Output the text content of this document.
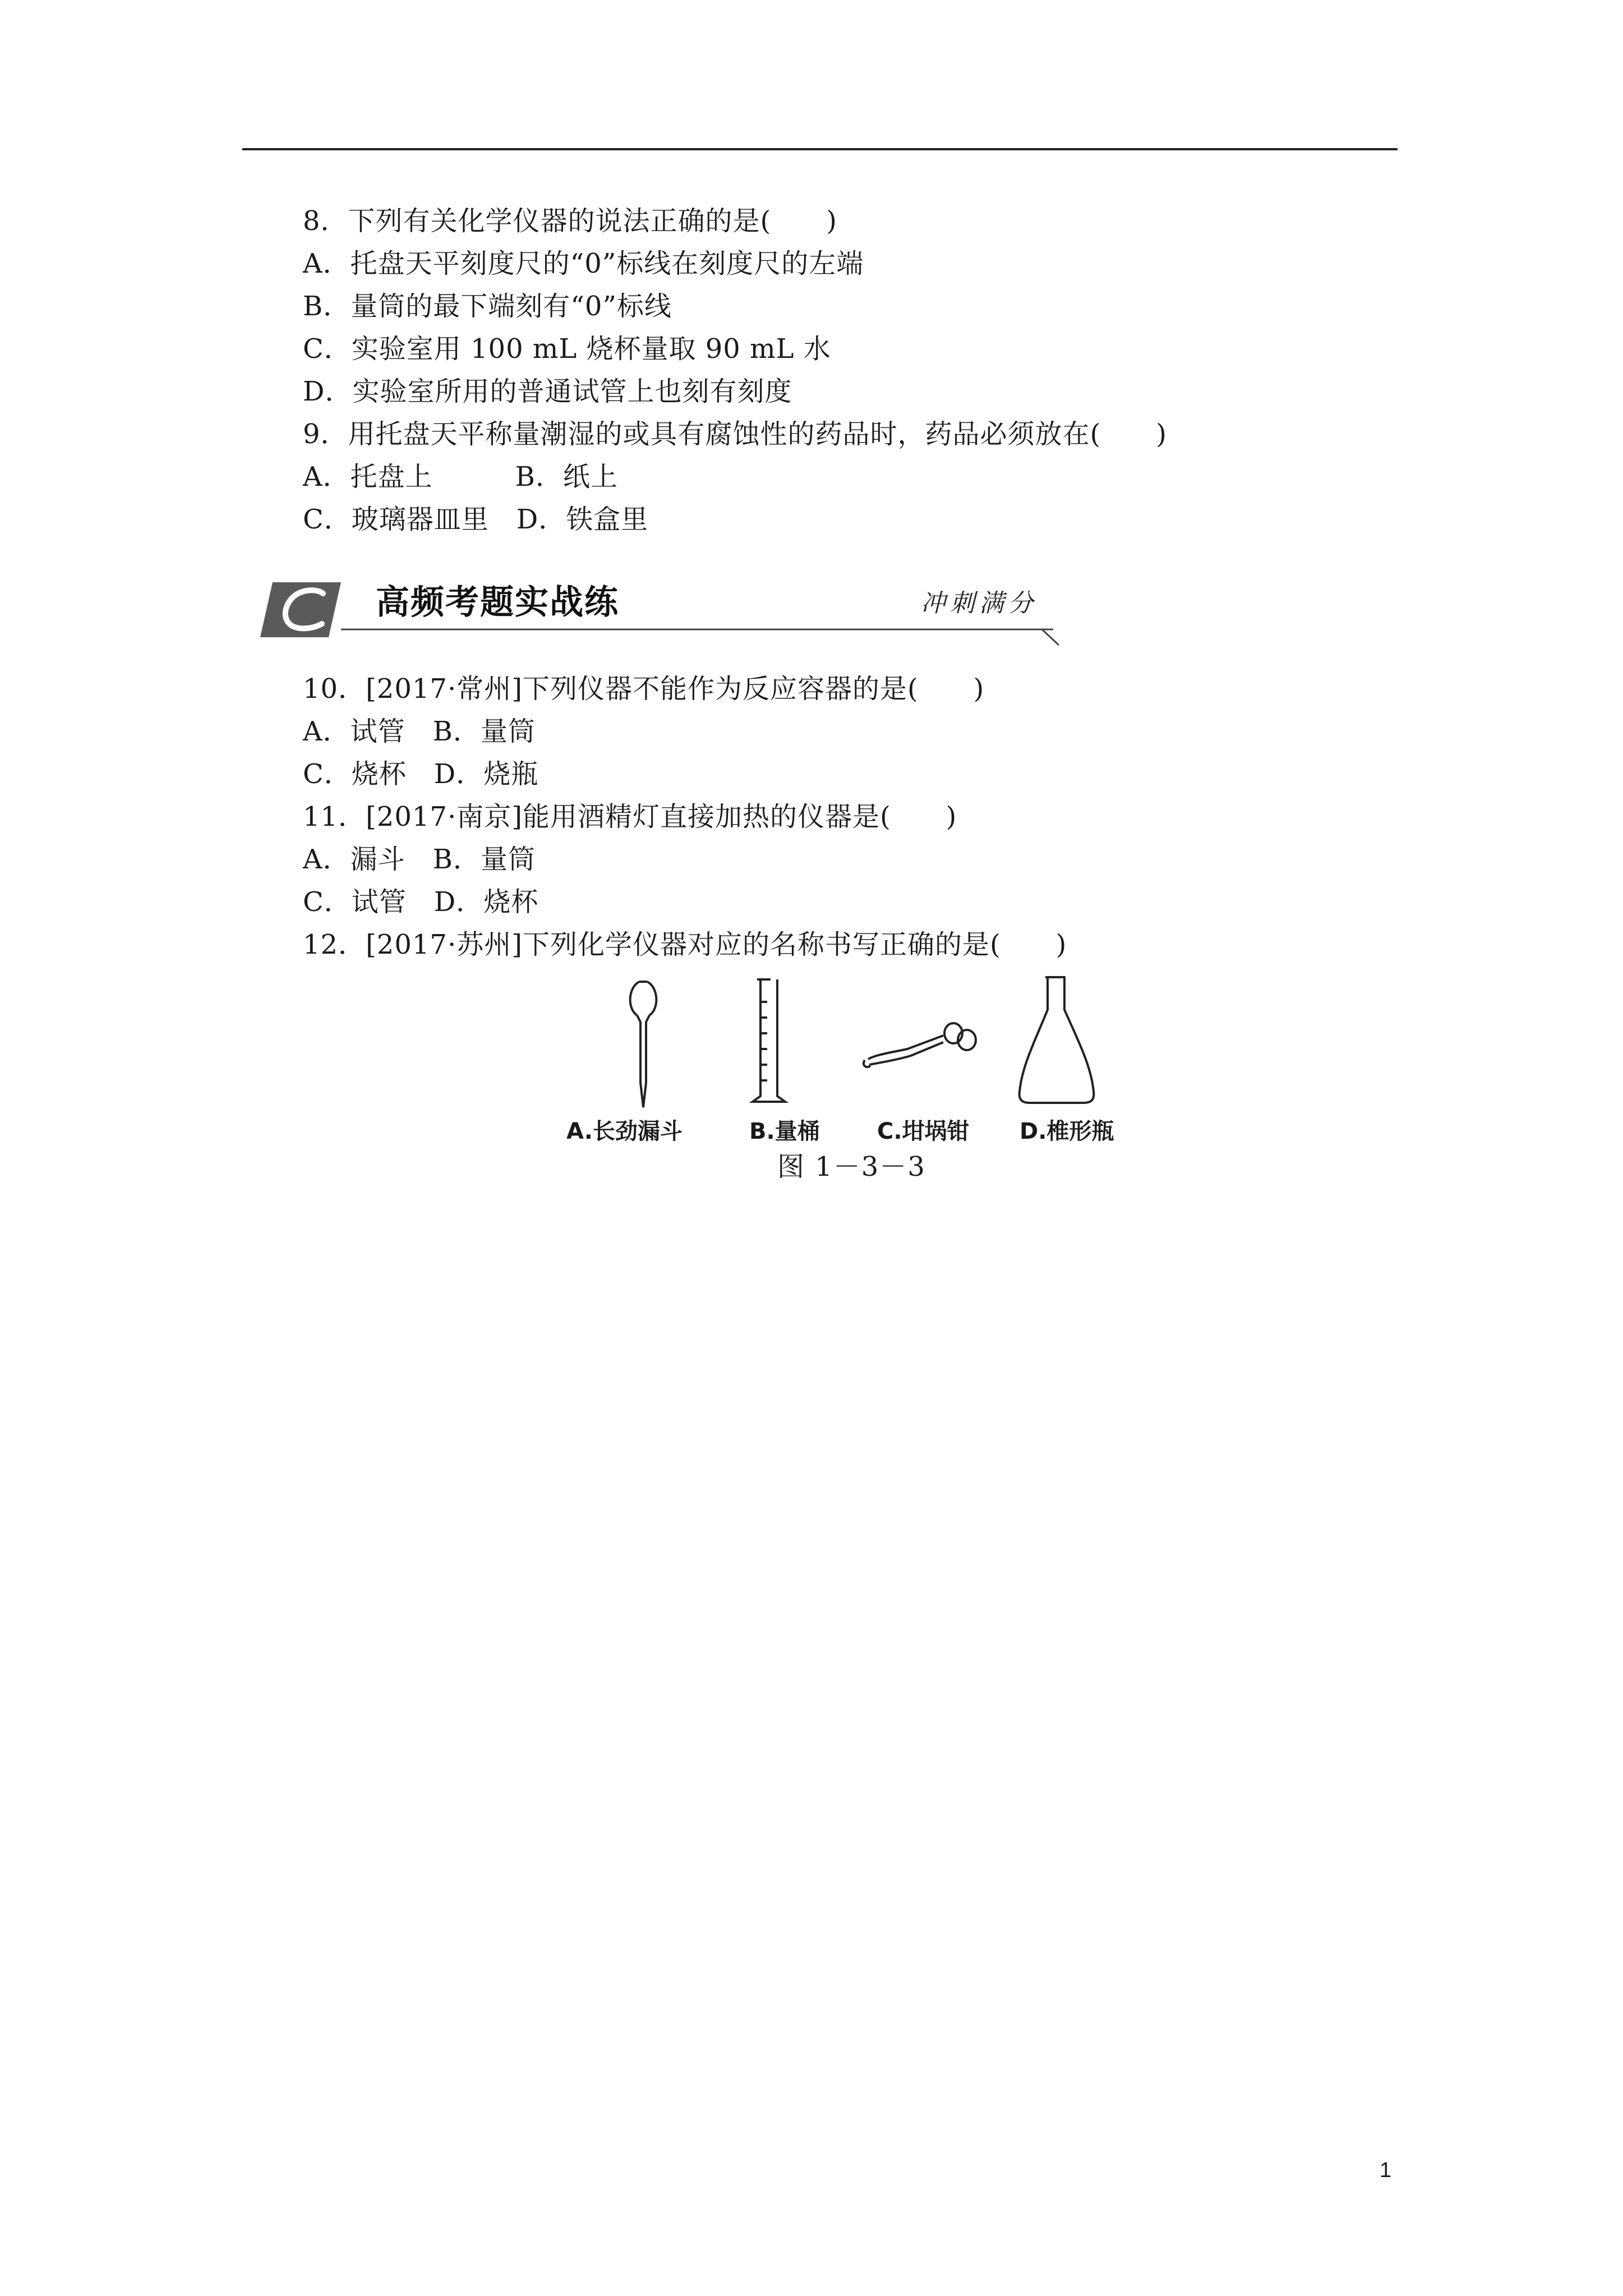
8．下列有关化学仪器的说法正确的是(　　)
A．托盘天平刻度尺的“0”标线在刻度尺的左端
B．量筒的最下端刻有“0”标线
C．实验室用 100 mL 烧杯量取 90 mL 水
D．实验室所用的普通试管上也刻有刻度
9．用托盘天平称量潮湿的或具有腐蚀性的药品时，药品必须放在(　　)
A．托盘上　　　B．纸上
C．玻璃器皿里　D．铁盒里
高频考题实战练	冲刺满分
10．[2017·常州]下列仪器不能作为反应容器的是(　　)
A．试管　B．量筒
C．烧杯　D．烧瓶
11．[2017·南京]能用酒精灯直接加热的仪器是(　　)
A．漏斗　B．量筒
C．试管　D．烧杯
12．[2017·苏州]下列化学仪器对应的名称书写正确的是(　　)
A.长劲漏斗	B.量桶	C.坩埚钳 D.椎形瓶
图 1－3－3
1
